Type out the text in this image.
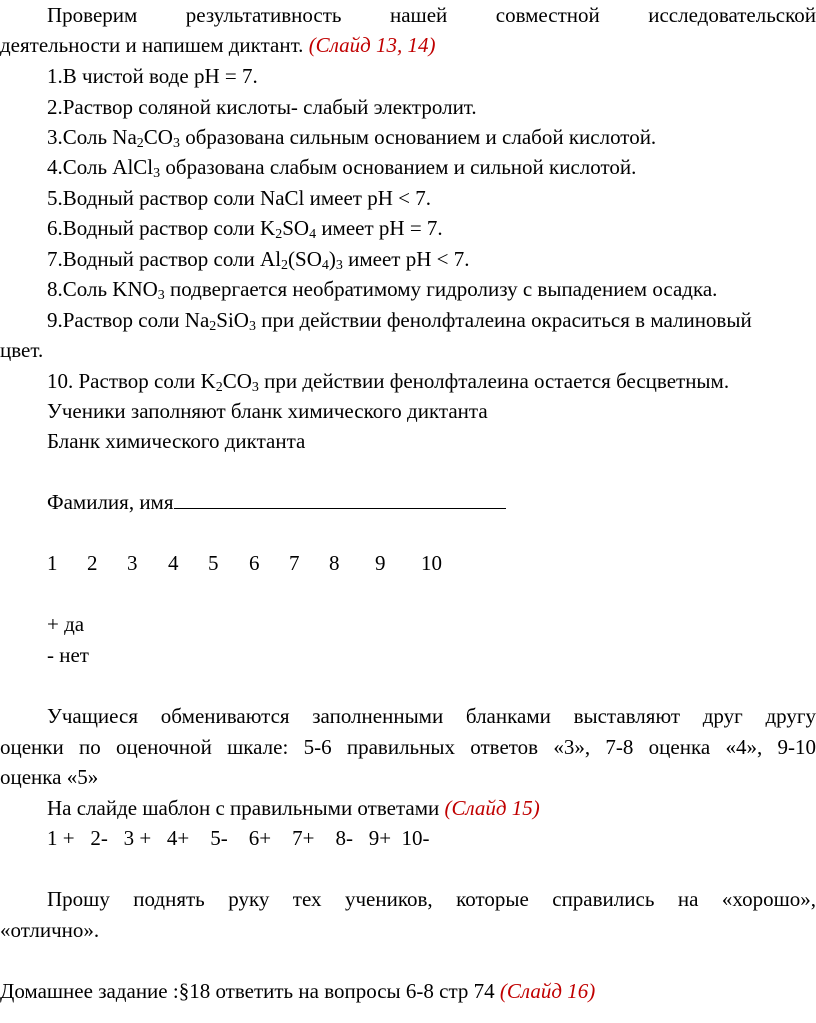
Проверим результативность нашей совместной исследовательской
деятельности и напишем диктант. (Слайд 13, 14)
1.В чистой воде рН = 7.
2.Раствор соляной кислоты- слабый электролит.
3.Соль $Na_2CO_3$ образована сильным основанием и слабой кислотой.
4.Соль AlCl$_3$ образована слабым основанием и сильной кислотой.
5.Водный раствор соли NaCl имеет рН < 7.
6.Водный раствор соли $K_2SO_4$ имеет рН = 7.
7.Водный раствор соли $Al_2(SO_4)_3$ имеет рН < 7.
8.Соль $KNO_3$ подвергается необратимому гидролизу с выпадением осадка.
9.Раствор соли $Na_2SiO_3$ при действии фенолфталеина окраситься в малиновый
цвет.
10. Раствор соли $K_2CO_3$ при действии фенолфталеина остается бесцветным.
Ученики заполняют бланк химического диктанта
Бланк химического диктанта
Фамилия, имя
1 2 3 4 5 6 7 8 9 10
+ да
- нет
Учащиеся обмениваются заполненными бланками выставляют друг другу
оценки по оценочной шкале: 5-6 правильных ответов «3», 7-8 оценка «4», 9-10
оценка «5»
На слайде шаблон с правильными ответами (Слайд 15)
1 +   2-   3 +   4+    5-    6+    7+    8-   9+  10-
Прошу поднять руку тех учеников, которые справились на «хорошо»,
«отлично».
Домашнее задание :§18 ответить на вопросы 6-8 стр 74 (Слайд 16)
